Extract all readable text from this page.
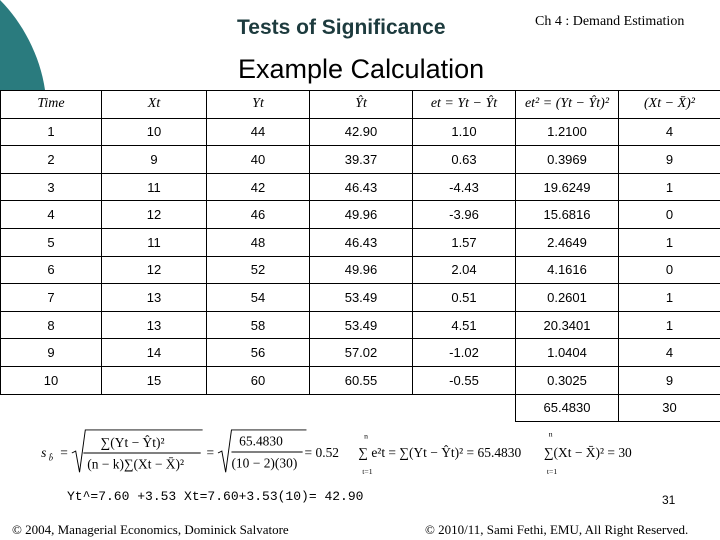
Tests of Significance	Ch 4 : Demand Estimation
Example Calculation
Time	Xt	Yt	Ŷt	et = Yt − Ŷt	et² = (Yt − Ŷt)²	(Xt − X̄)²
1	10	44	42.90	1.10	1.2100	4
2	9	40	39.37	0.63	0.3969	9
3	11	42	46.43	-4.43	19.6249	1
4	12	46	49.96	-3.96	15.6816	0
5	11	48	46.43	1.57	2.4649	1
6	12	52	49.96	2.04	4.1616	0
7	13	54	53.49	0.51	0.2601	1
8	13	58	53.49	4.51	20.3401	1
9	14	56	57.02	-1.02	1.0404	4
10	15	60	60.55	-0.55	0.3025	9
					65.4830	30
s b̂ =
∑(Yt − Ŷt)²
(n − k)∑(Xt − X̄)²
=
65.4830
(10 − 2)(30)
= 0.52
n
t=1
∑ e²t = ∑(Yt − Ŷt)² = 65.4830
n
t=1
∑(Xt − X̄)² = 30
Yt^=7.60 +3.53 Xt=7.60+3.53(10)= 42.90	31
© 2004, Managerial Economics, Dominick Salvatore	© 2010/11, Sami Fethi, EMU, All Right Reserved.
